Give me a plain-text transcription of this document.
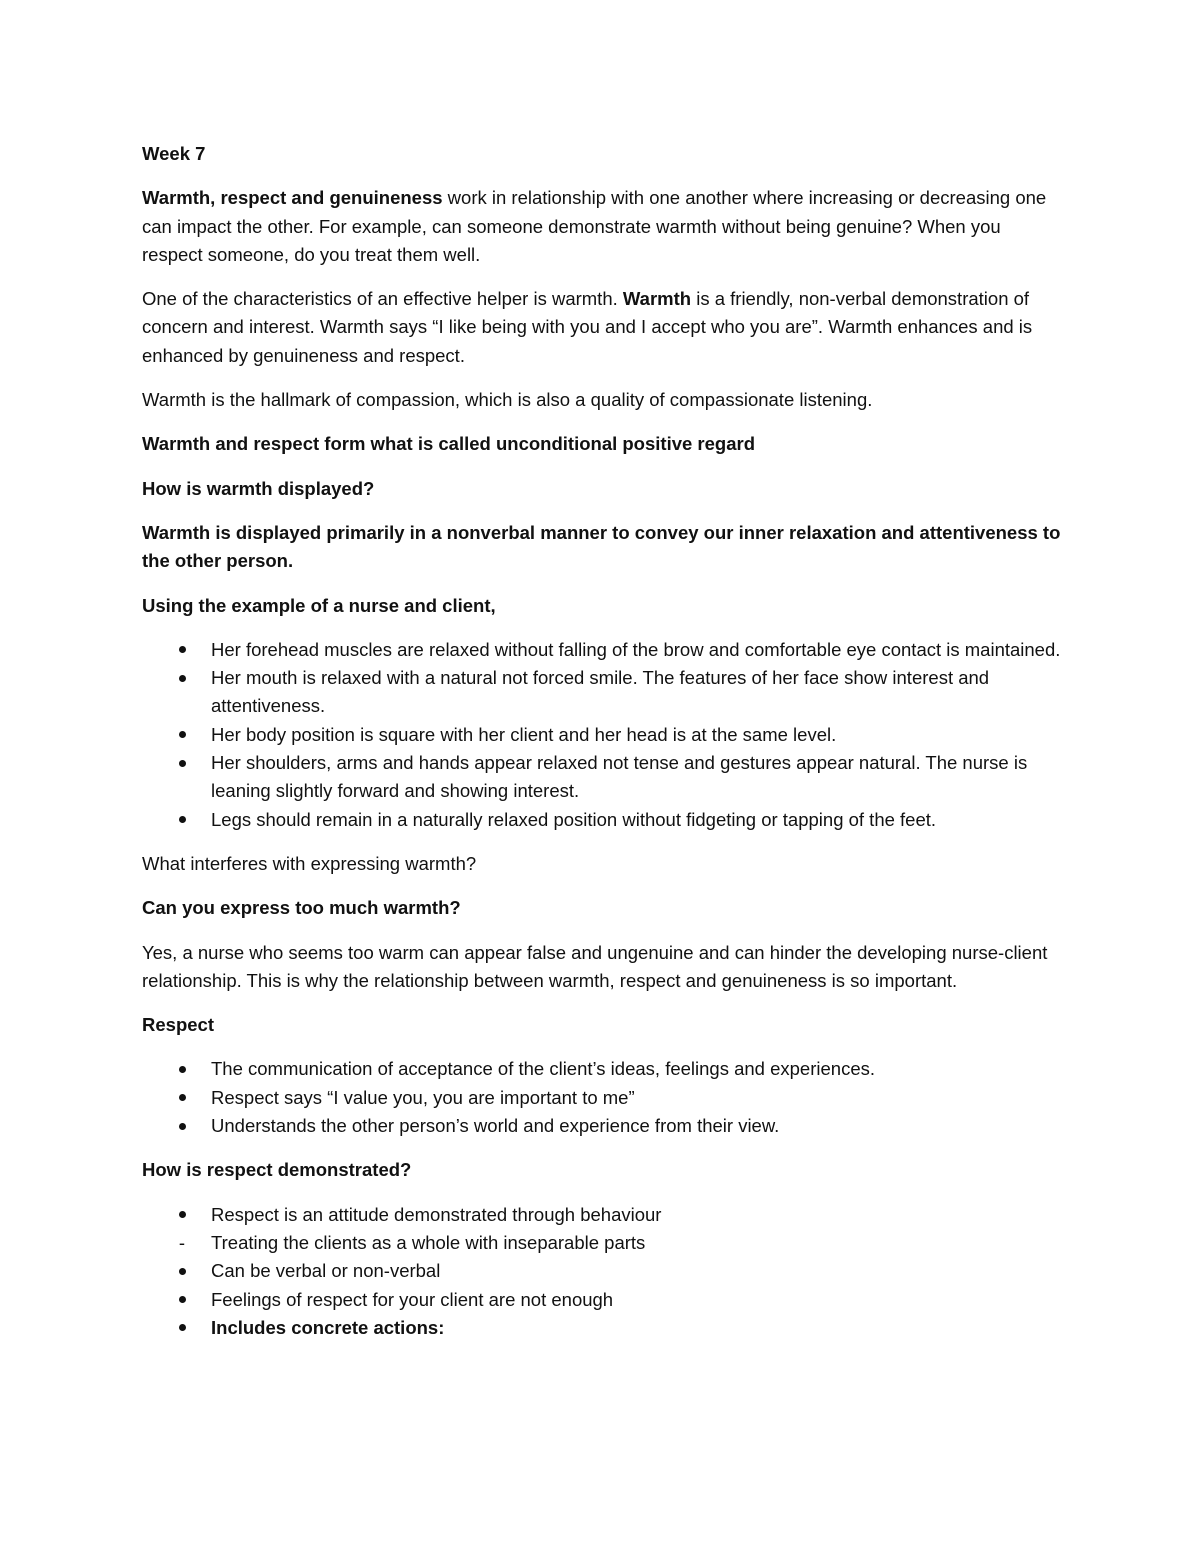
Week 7

Warmth, respect and genuineness work in relationship with one another where increasing or decreasing one can impact the other. For example, can someone demonstrate warmth without being genuine? When you respect someone, do you treat them well.

One of the characteristics of an effective helper is warmth. Warmth is a friendly, non-verbal demonstration of concern and interest. Warmth says “I like being with you and I accept who you are”. Warmth enhances and is enhanced by genuineness and respect.

Warmth is the hallmark of compassion, which is also a quality of compassionate listening.

Warmth and respect form what is called unconditional positive regard

How is warmth displayed?

Warmth is displayed primarily in a nonverbal manner to convey our inner relaxation and attentiveness to the other person.

Using the example of a nurse and client,

Her forehead muscles are relaxed without falling of the brow and comfortable eye contact is maintained.
Her mouth is relaxed with a natural not forced smile. The features of her face show interest and attentiveness.
Her body position is square with her client and her head is at the same level.
Her shoulders, arms and hands appear relaxed not tense and gestures appear natural. The nurse is leaning slightly forward and showing interest.
Legs should remain in a naturally relaxed position without fidgeting or tapping of the feet.

What interferes with expressing warmth?

Can you express too much warmth?

Yes, a nurse who seems too warm can appear false and ungenuine and can hinder the developing nurse-client relationship. This is why the relationship between warmth, respect and genuineness is so important.

Respect

The communication of acceptance of the client’s ideas, feelings and experiences.
Respect says “I value you, you are important to me”
Understands the other person’s world and experience from their view.

How is respect demonstrated?

Respect is an attitude demonstrated through behaviour
-
Treating the clients as a whole with inseparable parts
Can be verbal or non-verbal
Feelings of respect for your client are not enough
Includes concrete actions:
